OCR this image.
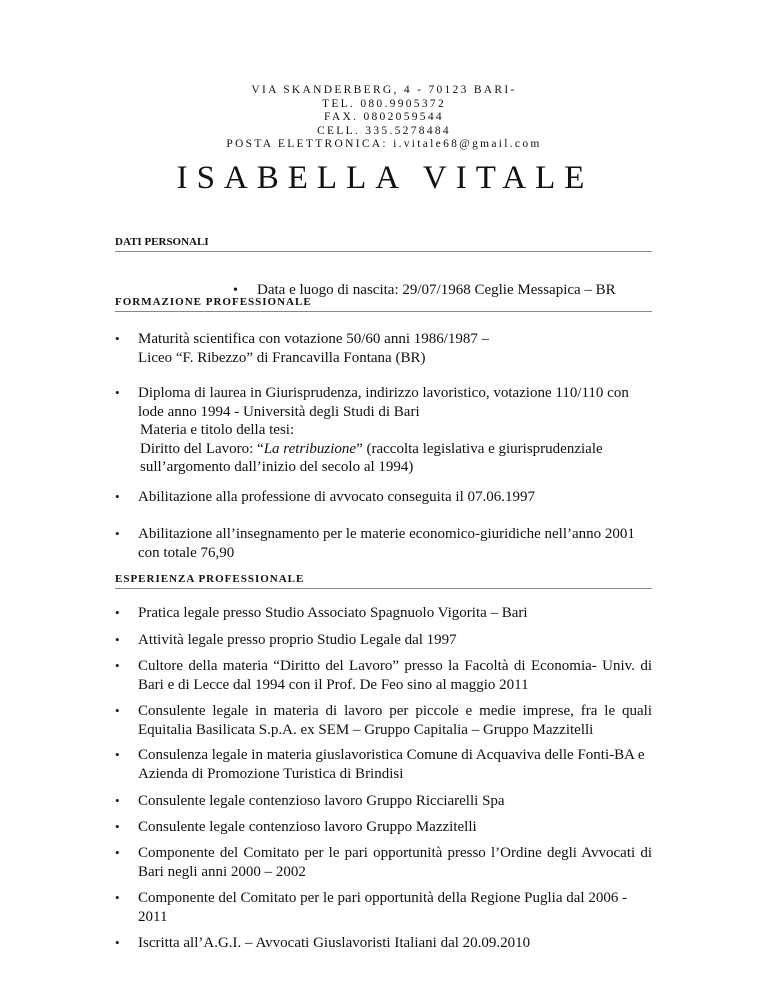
VIA SKANDERBERG, 4 - 70123 BARI-
TEL. 080.9905372
FAX. 0802059544
CELL. 335.5278484
POSTA ELETTRONICA: i.vitale68@gmail.com
ISABELLA VITALE
DATI PERSONALI
• Data e luogo di nascita: 29/07/1968 Ceglie Messapica – BR
FORMAZIONE PROFESSIONALE
•	Maturità scientifica con votazione 50/60 anni 1986/1987 –
Liceo “F. Ribezzo” di Francavilla Fontana (BR)
•	Diploma di laurea in Giurisprudenza, indirizzo lavoristico, votazione 110/110 con lode anno 1994 - Università degli Studi di Bari
Materia e titolo della tesi:
Diritto del Lavoro: “La retribuzione” (raccolta legislativa e giurisprudenziale sull’argomento dall’inizio del secolo al 1994)
•	Abilitazione alla professione di avvocato conseguita il 07.06.1997
•	Abilitazione all’insegnamento per le materie economico-giuridiche nell’anno 2001 con totale 76,90
ESPERIENZA PROFESSIONALE
•	Pratica legale presso Studio Associato Spagnuolo Vigorita – Bari
•	Attività legale presso proprio Studio Legale dal 1997
•	Cultore della materia “Diritto del Lavoro” presso la Facoltà di Economia- Univ. di Bari e di Lecce dal 1994 con il Prof. De Feo sino al maggio 2011
•	Consulente legale in materia di lavoro per piccole e medie imprese, fra le quali Equitalia Basilicata S.p.A. ex SEM – Gruppo Capitalia – Gruppo Mazzitelli
•	Consulenza legale in materia giuslavoristica Comune di Acquaviva delle Fonti-BA e Azienda di Promozione Turistica di Brindisi
•	Consulente legale contenzioso lavoro Gruppo Ricciarelli Spa
•	Consulente legale contenzioso lavoro Gruppo Mazzitelli
•	Componente del Comitato per le pari opportunità presso l’Ordine degli Avvocati di Bari negli anni 2000 – 2002
•	Componente del Comitato per le pari opportunità della Regione Puglia dal 2006 - 2011
•	Iscritta all’A.G.I. – Avvocati Giuslavoristi Italiani dal 20.09.2010
